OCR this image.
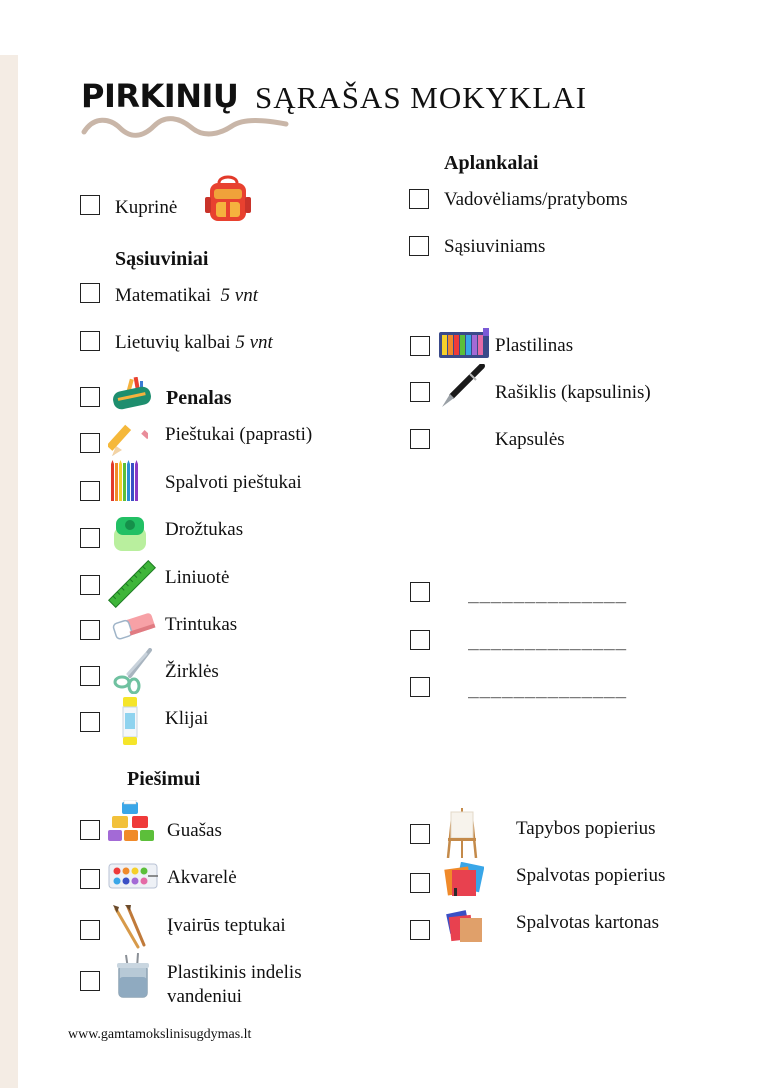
PIRKINIŲ SĄRAŠAS MOKYKLAI
Kuprinė
Sąsiuviniai
Matematikai 5 vnt
Lietuvių kalbai 5 vnt
Penalas
Pieštukai (paprasti)
Spalvoti pieštukai
Drožtukas
Liniuotė
Trintukas
Žirklės
Klijai
Piešimui
Guašas
Akvarelė
Įvairūs teptukai
Plastikinis indelis
vandeniui
Aplankalai
Vadovėliams/pratyboms
Sąsiuviniams
Plastilinas
Rašiklis (kapsulinis)
Kapsulės
______________
______________
______________
Tapybos popierius
Spalvotas popierius
Spalvotas kartonas
www.gamtamokslinisugdymas.lt
